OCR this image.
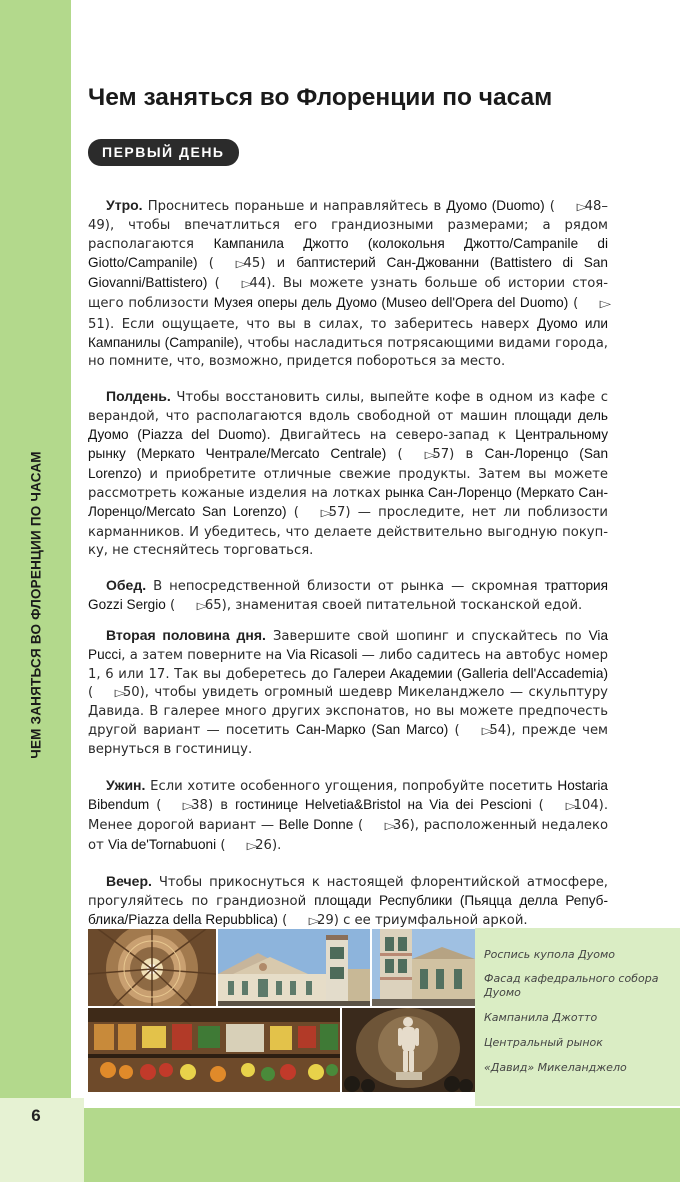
ЧЕМ ЗАНЯТЬСЯ ВО ФЛОРЕНЦИИ ПО ЧАСАМ
6
Чем заняться во Флоренции по часам
ПЕРВЫЙ ДЕНЬ

Утро. Проснитесь пораньше и направляйтесь в Дуомо (Duomo) ( ▷48–49), чтобы впечатлиться его грандиозными размерами; а рядом располагаются Кампанила Джотто (колокольня Джотто/Campanile di Giotto/Campanile) ( ▷45) и баптистерий Сан-Джованни (Battistero di San Giovanni/Battistero) ( ▷44). Вы можете узнать больше об истории стоящего поблизости Музея оперы дель Дуомо (Museo dell'Opera del Duomo) ( ▷51). Если ощущаете, что вы в силах, то заберитесь наверх Дуомо или Кампанилы (Campanile), чтобы насладиться потрясающими видами города, но помните, что, возможно, придется побороться за место.

Полдень. Чтобы восстановить силы, выпейте кофе в одном из кафе с верандой, что располагаются вдоль свободной от машин площади дель Дуомо (Piazza del Duomo). Двигайтесь на северо-запад к Центральному рынку (Меркато Чентрале/Mercato Centrale) ( ▷57) в Сан-Лоренцо (San Lorenzo) и приобретите отличные свежие продукты. Затем вы можете рассмотреть кожаные изделия на лотках рынка Сан-Лоренцо (Меркато Сан-Лоренцо/Mercato San Lorenzo) ( ▷57) — проследите, нет ли поблизости карманников. И убедитесь, что делаете действительно выгодную покупку, не стесняйтесь торговаться.

Обед. В непосредственной близости от рынка — скромная траттория Gozzi Sergio ( ▷65), знаменитая своей питательной тосканской едой.

Вторая половина дня. Завершите свой шопинг и спускайтесь по Via Pucci, а затем поверните на Via Ricasoli — либо садитесь на автобус номер 1, 6 или 17. Так вы доберетесь до Галереи Академии (Galleria dell'Accademia) ( ▷50), чтобы увидеть огромный шедевр Микеланджело — скульптуру Давида. В галерее много других экспонатов, но вы можете предпочесть другой вариант — посетить Сан-Марко (San Marco) ( ▷54), прежде чем вернуться в гостиницу.

Ужин. Если хотите особенного угощения, попробуйте посетить Hostaria Bibendum ( ▷38) в гостинице Helvetia&Bristol на Via dei Pescioni ( ▷104). Менее дорогой вариант — Belle Donne ( ▷36), расположенный недалеко от Via de'Tornabuoni ( ▷26).

Вечер. Чтобы прикоснуться к настоящей флорентийской атмосфере, прогуляйтесь по грандиозной площади Республики (Пьяцца делла Репубблика/Piazza della Repubblica) ( ▷29) с ее триумфальной аркой.

Роспись купола Дуомо
Фасад кафедрального собора Дуомо
Кампанила Джотто
Центральный рынок
«Давид» Микеланджело
